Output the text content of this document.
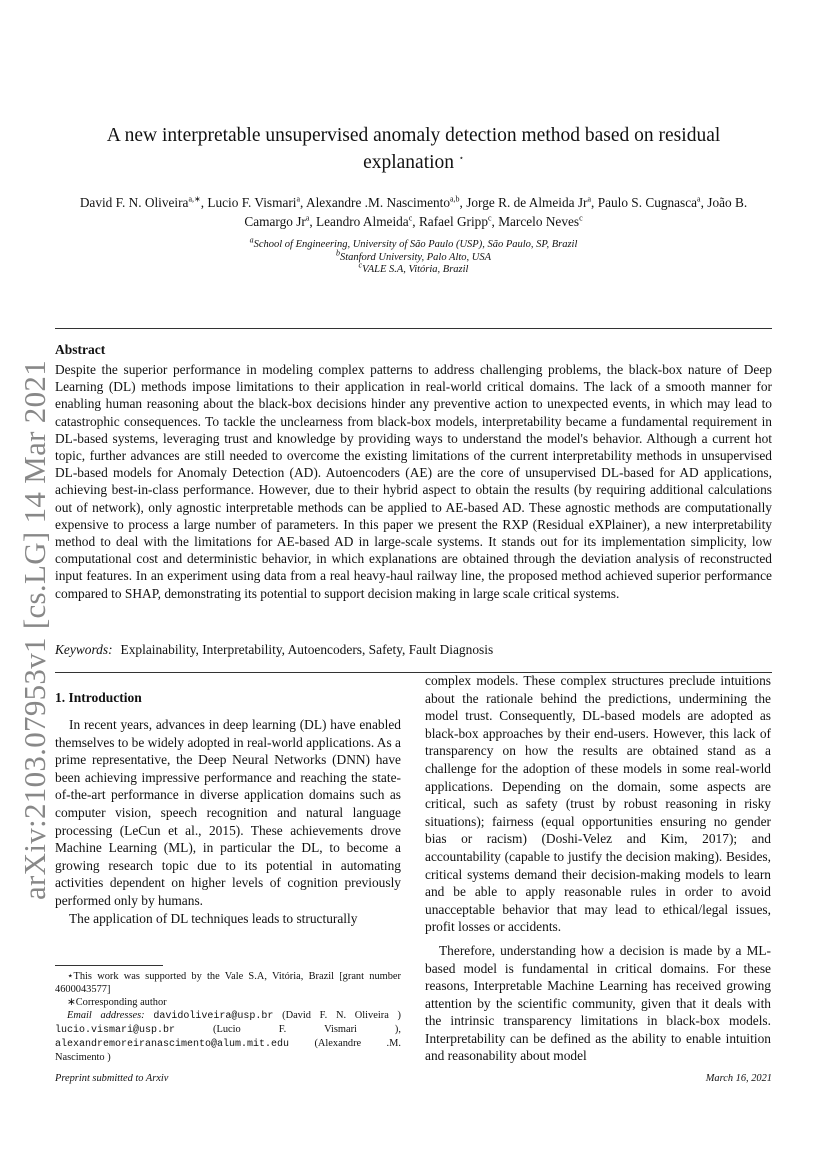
arXiv:2103.07953v1 [cs.LG] 14 Mar 2021
A new interpretable unsupervised anomaly detection method based on residual explanation ⋆
David F. N. Oliveira$^{a,∗}$, Lucio F. Vismari$^a$, Alexandre .M. Nascimento$^{a,b}$, Jorge R. de Almeida Jr$^a$, Paulo S. Cugnasca$^a$, João B. Camargo Jr$^a$, Leandro Almeida$^c$, Rafael Gripp$^c$, Marcelo Neves$^c$
$^a$School of Engineering, University of São Paulo (USP), São Paulo, SP, Brazil
$^b$Stanford University, Palo Alto, USA
$^c$VALE S.A, Vitória, Brazil
Abstract

Despite the superior performance in modeling complex patterns to address challenging problems, the black-box nature of Deep Learning (DL) methods impose limitations to their application in real-world critical domains. The lack of a smooth manner for enabling human reasoning about the black-box decisions hinder any preventive action to unexpected events, in which may lead to catastrophic consequences. To tackle the unclearness from black-box models, interpretability became a fundamental requirement in DL-based systems, leveraging trust and knowledge by providing ways to understand the model's behavior. Although a current hot topic, further advances are still needed to overcome the existing limitations of the current interpretability methods in unsupervised DL-based models for Anomaly Detection (AD). Autoencoders (AE) are the core of unsupervised DL-based for AD applications, achieving best-in-class performance. However, due to their hybrid aspect to obtain the results (by requiring additional calculations out of network), only agnostic interpretable methods can be applied to AE-based AD. These agnostic methods are computationally expensive to process a large number of parameters. In this paper we present the RXP (Residual eXPlainer), a new interpretability method to deal with the limitations for AE-based AD in large-scale systems. It stands out for its implementation simplicity, low computational cost and deterministic behavior, in which explanations are obtained through the deviation analysis of reconstructed input features. In an experiment using data from a real heavy-haul railway line, the proposed method achieved superior performance compared to SHAP, demonstrating its potential to support decision making in large scale critical systems.

Keywords: Explainability, Interpretability, Autoencoders, Safety, Fault Diagnosis
1. Introduction

In recent years, advances in deep learning (DL) have enabled themselves to be widely adopted in real-world applications. As a prime representative, the Deep Neural Networks (DNN) have been achieving impressive performance and reaching the state-of-the-art performance in diverse application domains such as computer vision, speech recognition and natural language processing (LeCun et al., 2015). These achievements drove Machine Learning (ML), in particular the DL, to become a growing research topic due to its potential in automating activities dependent on higher levels of cognition previously performed only by humans.

The application of DL techniques leads to structurally

complex models. These complex structures preclude intuitions about the rationale behind the predictions, undermining the model trust. Consequently, DL-based models are adopted as black-box approaches by their end-users. However, this lack of transparency on how the results are obtained stand as a challenge for the adoption of these models in some real-world applications. Depending on the domain, some aspects are critical, such as safety (trust by robust reasoning in risky situations); fairness (equal opportunities ensuring no gender bias or racism) (Doshi-Velez and Kim, 2017); and accountability (capable to justify the decision making). Besides, critical systems demand their decision-making models to learn and be able to apply reasonable rules in order to avoid unacceptable behavior that may lead to ethical/legal issues, profit losses or accidents.

Therefore, understanding how a decision is made by a ML-based model is fundamental in critical domains. For these reasons, Interpretable Machine Learning has received growing attention by the scientific community, given that it deals with the intrinsic transparency limitations in black-box models. Interpretability can be defined as the ability to enable intuition and reasonability about model

⋆This work was supported by the Vale S.A, Vitória, Brazil [grant number 4600043577]

∗Corresponding author

Email addresses: davidoliveira@usp.br (David F. N. Oliveira ) lucio.vismari@usp.br	(Lucio F. Vismari ), alexandremoreiranascimento@alum.mit.edu (Alexandre .M. Nascimento )

Preprint submitted to Arxiv	March 16, 2021
